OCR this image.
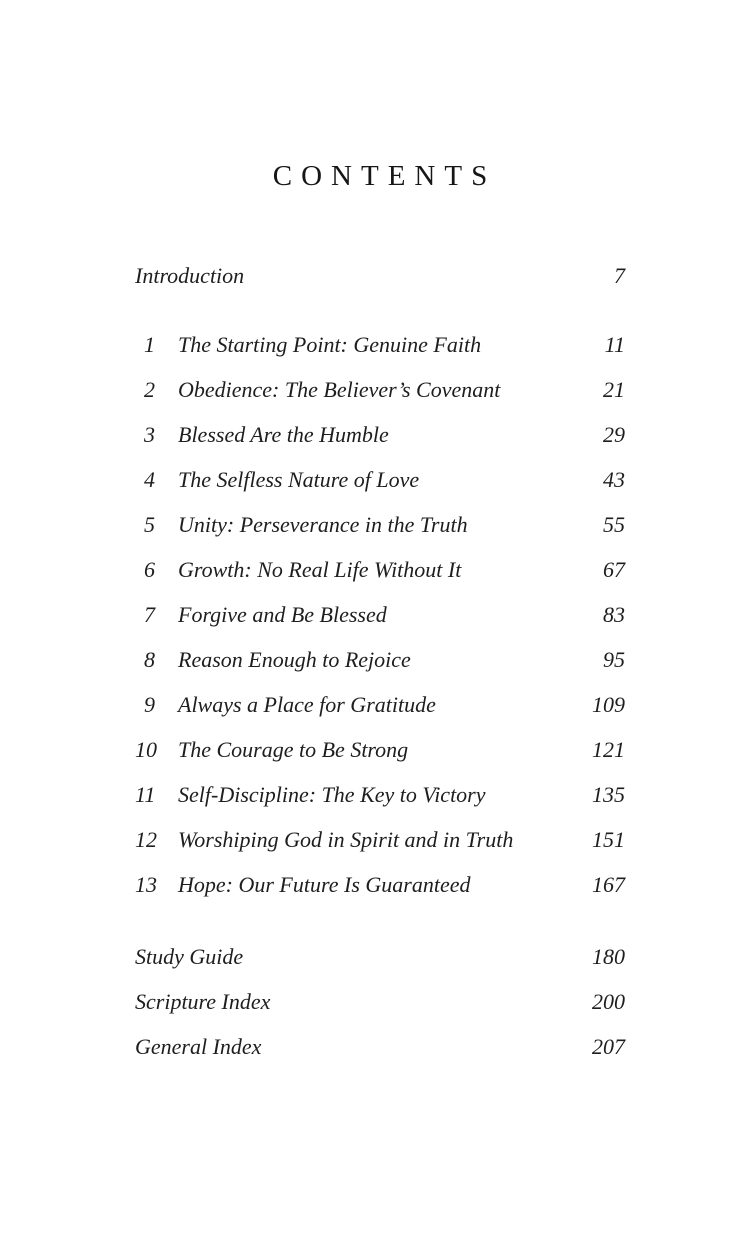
CONTENTS
Introduction	7
1 The Starting Point: Genuine Faith	11
2 Obedience: The Believer’s Covenant	21
3 Blessed Are the Humble	29
4 The Selfless Nature of Love	43
5 Unity: Perseverance in the Truth	55
6 Growth: No Real Life Without It	67
7 Forgive and Be Blessed	83
8 Reason Enough to Rejoice	95
9 Always a Place for Gratitude	109
10 The Courage to Be Strong	121
11 Self-Discipline: The Key to Victory	135
12 Worshiping God in Spirit and in Truth	151
13 Hope: Our Future Is Guaranteed	167
Study Guide	180
Scripture Index	200
General Index	207
